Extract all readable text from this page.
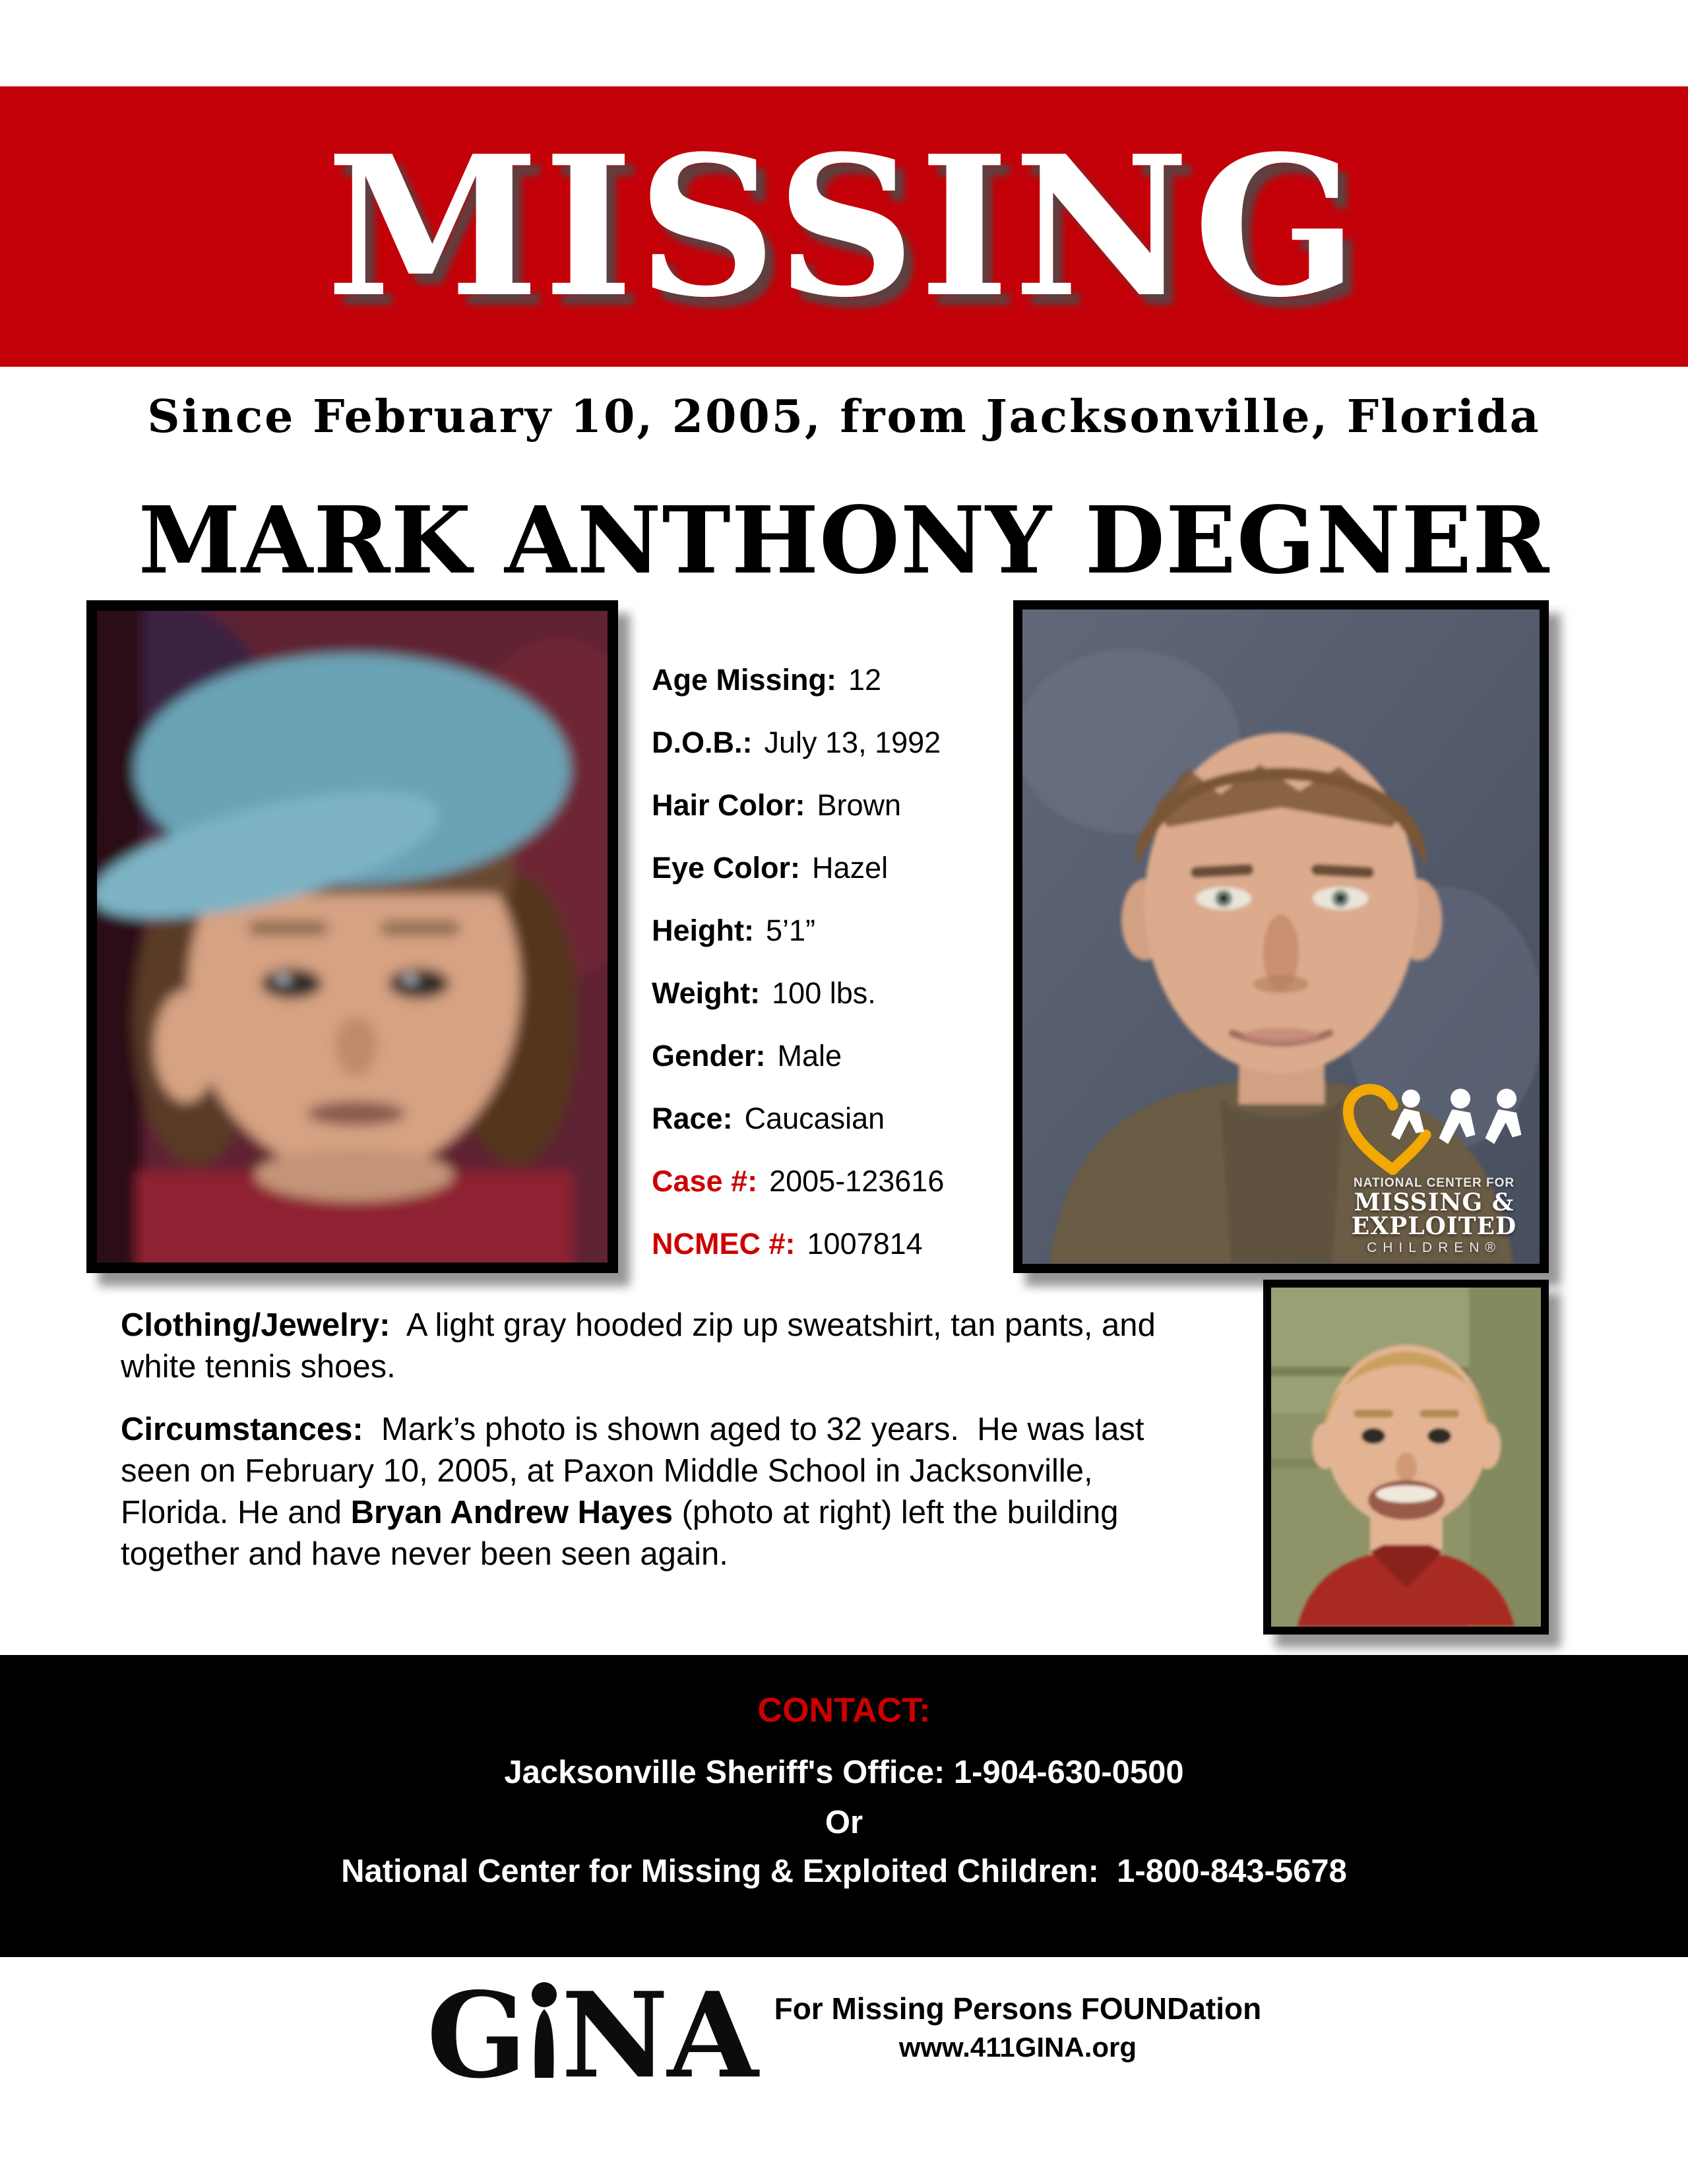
MISSING
Since February 10, 2005, from Jacksonville, Florida
MARK ANTHONY DEGNER
Age Missing: 12
D.O.B.: July 13, 1992
Hair Color: Brown
Eye Color: Hazel
Height: 5’1”
Weight: 100 lbs.
Gender: Male
Race: Caucasian
Case #: 2005-123616
NCMEC #: 1007814
NATIONAL CENTER FOR
MISSING &
EXPLOITED
CHILDREN®
Clothing/Jewelry:  A light gray hooded zip up sweatshirt, tan pants, and white tennis shoes.
Circumstances:  Mark’s photo is shown aged to 32 years.  He was last seen on February 10, 2005, at Paxon Middle School in Jacksonville, Florida. He and Bryan Andrew Hayes (photo at right) left the building together and have never been seen again.
CONTACT:
Jacksonville Sheriff's Office: 1-904-630-0500
Or
National Center for Missing & Exploited Children:  1-800-843-5678
G NA For Missing Persons FOUNDation
www.411GINA.org
